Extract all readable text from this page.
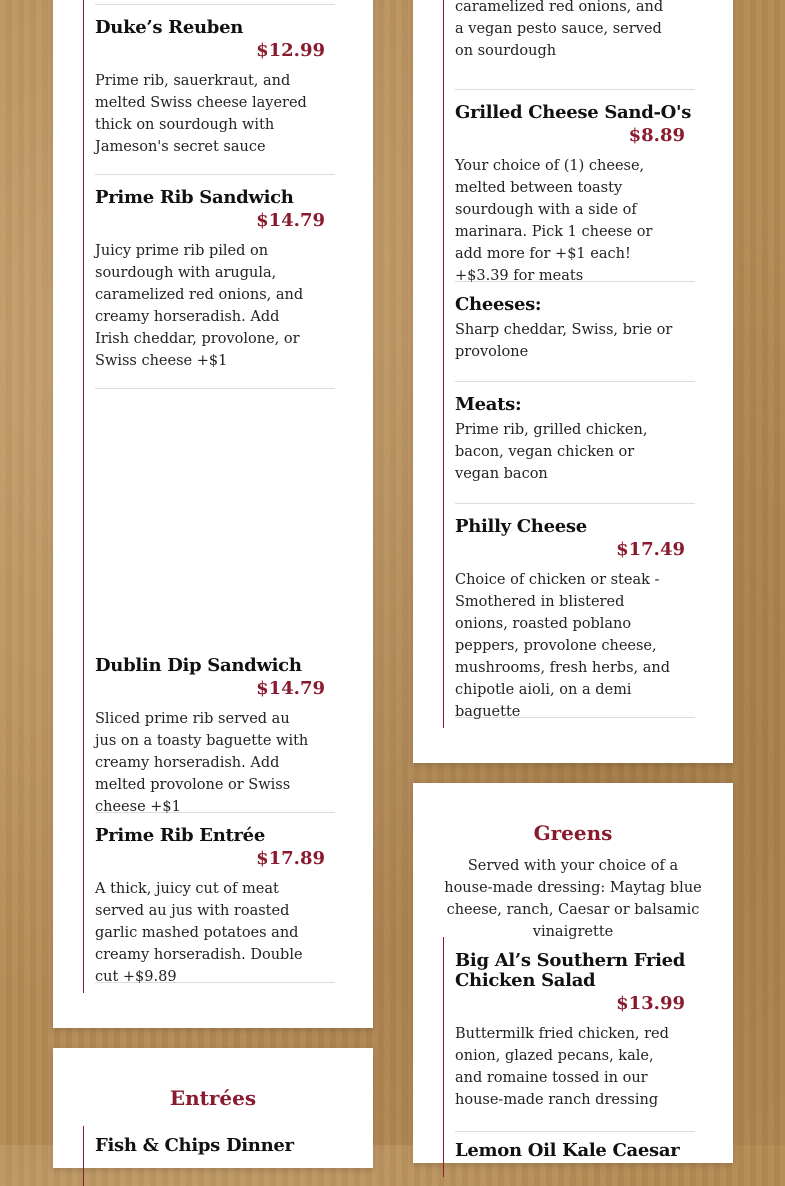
Duke’s Reuben
$12.99
Prime rib, sauerkraut, and melted Swiss cheese layered thick on sourdough with Jameson's secret sauce
Prime Rib Sandwich
$14.79
Juicy prime rib piled on sourdough with arugula, caramelized red onions, and creamy horseradish. Add Irish cheddar, provolone, or Swiss cheese +$1
Dublin Dip Sandwich
$14.79
Sliced prime rib served au jus on a toasty baguette with creamy horseradish. Add melted provolone or Swiss cheese +$1
Prime Rib Entrée
$17.89
A thick, juicy cut of meat served au jus with roasted garlic mashed potatoes and creamy horseradish. Double cut +$9.89
Entrées
Fish & Chips Dinner
caramelized red onions, and a vegan pesto sauce, served on sourdough
Grilled Cheese Sand-O's
$8.89
Your choice of (1) cheese, melted between toasty sourdough with a side of marinara. Pick 1 cheese or add more for +$1 each! +$3.39 for meats
Cheeses:
Sharp cheddar, Swiss, brie or provolone
Meats:
Prime rib, grilled chicken, bacon, vegan chicken or vegan bacon
Philly Cheese
$17.49
Choice of chicken or steak - Smothered in blistered onions, roasted poblano peppers, provolone cheese, mushrooms, fresh herbs, and chipotle aioli, on a demi baguette
Greens
Served with your choice of a house-made dressing: Maytag blue cheese, ranch, Caesar or balsamic vinaigrette
Big Al’s Southern Fried Chicken Salad
$13.99
Buttermilk fried chicken, red onion, glazed pecans, kale, and romaine tossed in our house-made ranch dressing
Lemon Oil Kale Caesar
